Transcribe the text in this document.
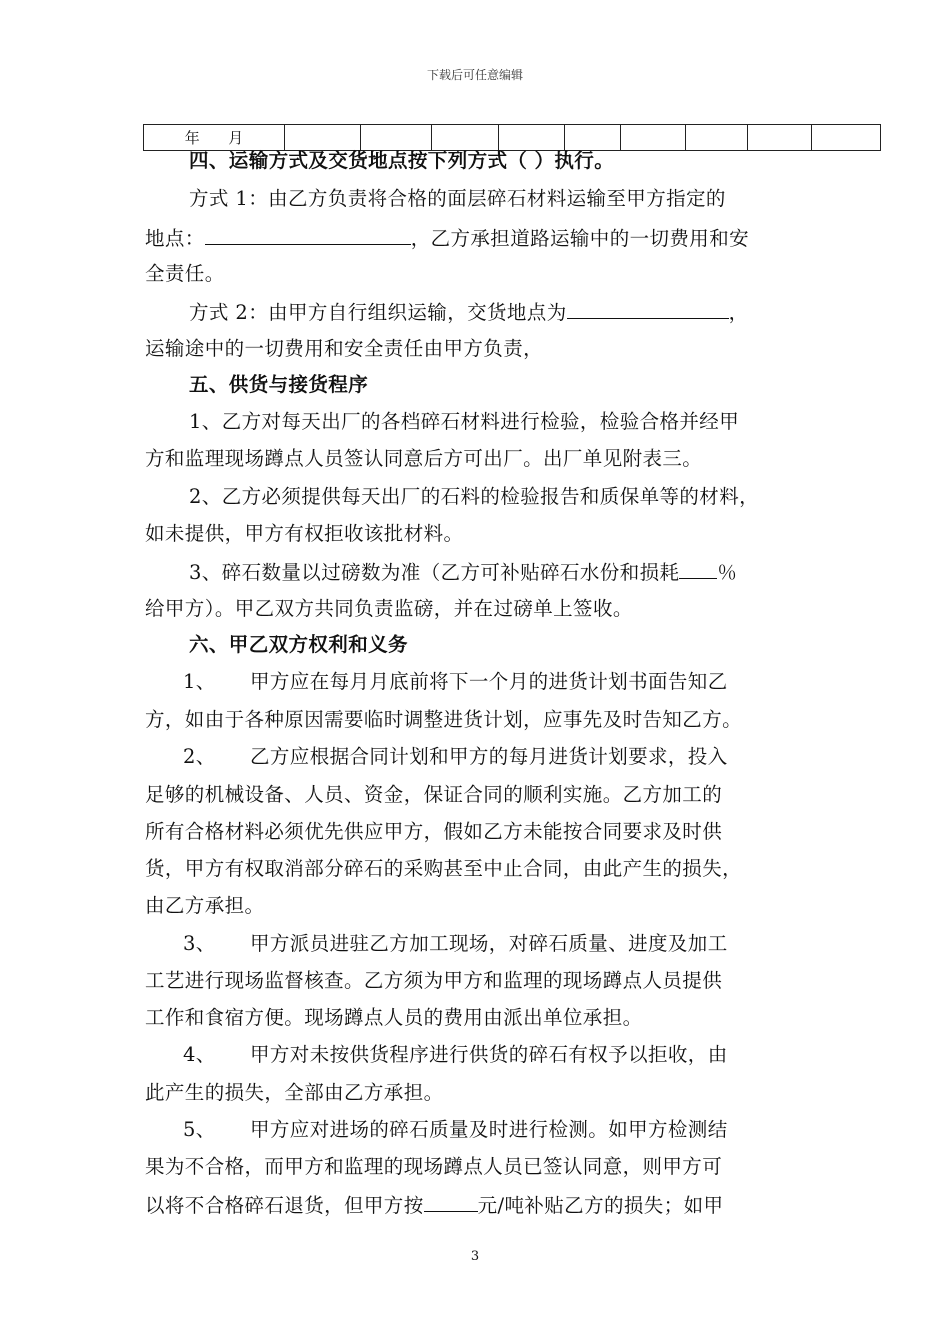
下载后可任意编辑
年      月									
四、运输方式及交货地点按下列方式（ ）执行。
方式 1：由乙方负责将合格的面层碎石材料运输至甲方指定的
地点：	，乙方承担道路运输中的一切费用和安
全责任。
方式 2：由甲方自行组织运输，交货地点为	，
运输途中的一切费用和安全责任由甲方负责，
五、供货与接货程序
1、乙方对每天出厂的各档碎石材料进行检验，检验合格并经甲
方和监理现场蹲点人员签认同意后方可出厂。出厂单见附表三。
2、乙方必须提供每天出厂的石料的检验报告和质保单等的材料，
如未提供，甲方有权拒收该批材料。
3、碎石数量以过磅数为准（乙方可补贴碎石水份和损耗 ％
给甲方）。甲乙双方共同负责监磅，并在过磅单上签收。
六、甲乙双方权利和义务
1、 甲方应在每月月底前将下一个月的进货计划书面告知乙
方，如由于各种原因需要临时调整进货计划，应事先及时告知乙方。
2、 乙方应根据合同计划和甲方的每月进货计划要求，投入
足够的机械设备、人员、资金，保证合同的顺利实施。乙方加工的
所有合格材料必须优先供应甲方，假如乙方未能按合同要求及时供
货，甲方有权取消部分碎石的采购甚至中止合同，由此产生的损失，
由乙方承担。
3、 甲方派员进驻乙方加工现场，对碎石质量、进度及加工
工艺进行现场监督核查。乙方须为甲方和监理的现场蹲点人员提供
工作和食宿方便。现场蹲点人员的费用由派出单位承担。
4、 甲方对未按供货程序进行供货的碎石有权予以拒收，由
此产生的损失，全部由乙方承担。
5、 甲方应对进场的碎石质量及时进行检测。如甲方检测结
果为不合格，而甲方和监理的现场蹲点人员已签认同意，则甲方可
以将不合格碎石退货，但甲方按	元/吨补贴乙方的损失；如甲
3
